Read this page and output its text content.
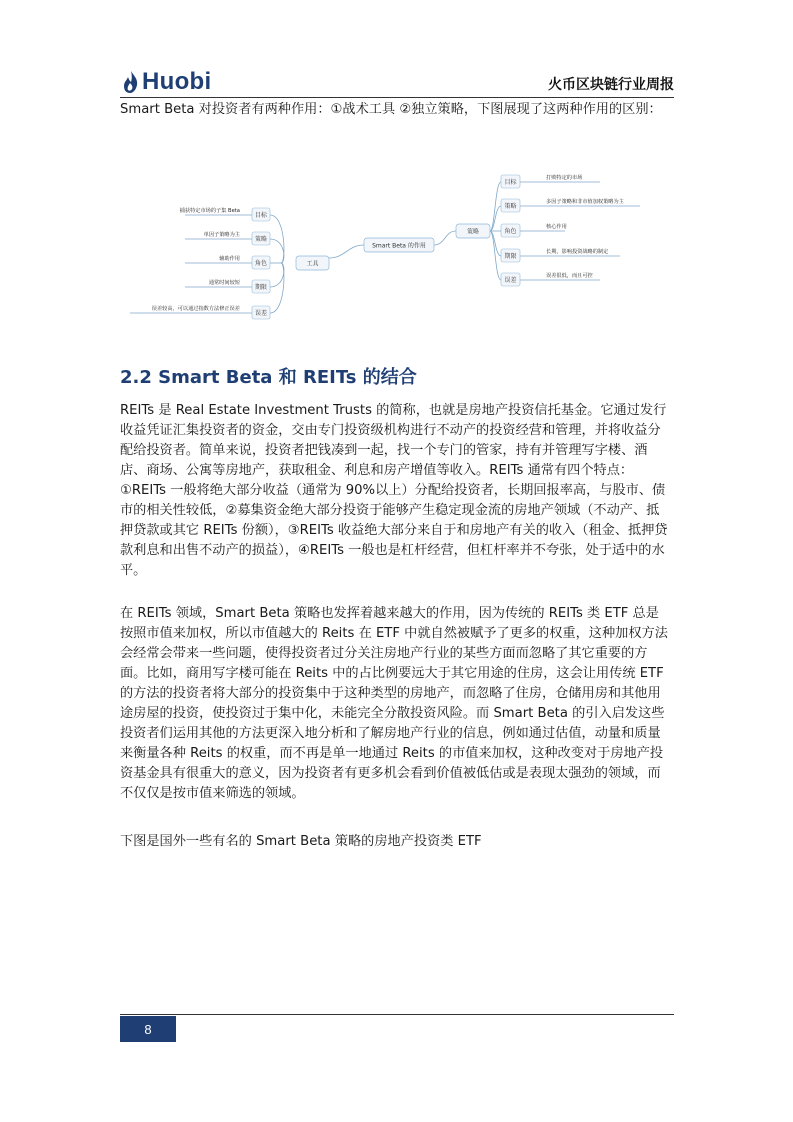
Huobi	火币区块链行业周报

Smart Beta 对投资者有两种作用：①战术工具 ②独立策略，下图展现了这两种作用的区别：

Smart Beta 的作用
工具
目标
捕获特定市场的子集 Beta
策略
单因子策略为主
角色
辅助作用
期限
通常时间较短
误差
误差较高，可以通过指数方法修正误差
策略
目标
打败特定的市场
策略
多因子策略和非市值加权策略为主
角色
核心作用
期限
长期，影响投资战略的制定
误差
误差很低，而且可控
2.2 Smart Beta 和 REITs 的结合

REITs 是 Real Estate Investment Trusts 的简称，也就是房地产投资信托基金。它通过发行收益凭证汇集投资者的资金，交由专门投资级机构进行不动产的投资经营和管理，并将收益分配给投资者。简单来说，投资者把钱凑到一起，找一个专门的管家，持有并管理写字楼、酒店、商场、公寓等房地产，获取租金、利息和房产增值等收入。REITs 通常有四个特点：①REITs 一般将绝大部分收益（通常为 90%以上）分配给投资者，长期回报率高，与股市、债市的相关性较低，②募集资金绝大部分投资于能够产生稳定现金流的房地产领域（不动产、抵押贷款或其它 REITs 份额），③REITs 收益绝大部分来自于和房地产有关的收入（租金、抵押贷款利息和出售不动产的损益），④REITs 一般也是杠杆经营，但杠杆率并不夸张，处于适中的水平。

在 REITs 领域，Smart Beta 策略也发挥着越来越大的作用，因为传统的 REITs 类 ETF 总是按照市值来加权，所以市值越大的 Reits 在 ETF 中就自然被赋予了更多的权重，这种加权方法会经常会带来一些问题，使得投资者过分关注房地产行业的某些方面而忽略了其它重要的方面。比如，商用写字楼可能在 Reits 中的占比例要远大于其它用途的住房，这会让用传统 ETF 的方法的投资者将大部分的投资集中于这种类型的房地产，而忽略了住房，仓储用房和其他用途房屋的投资，使投资过于集中化，未能完全分散投资风险。而 Smart Beta 的引入启发这些投资者们运用其他的方法更深入地分析和了解房地产行业的信息，例如通过估值，动量和质量来衡量各种 Reits 的权重，而不再是单一地通过 Reits 的市值来加权，这种改变对于房地产投资基金具有很重大的意义，因为投资者有更多机会看到价值被低估或是表现太强劲的领域，而不仅仅是按市值来筛选的领域。

下图是国外一些有名的 Smart Beta 策略的房地产投资类 ETF

8
